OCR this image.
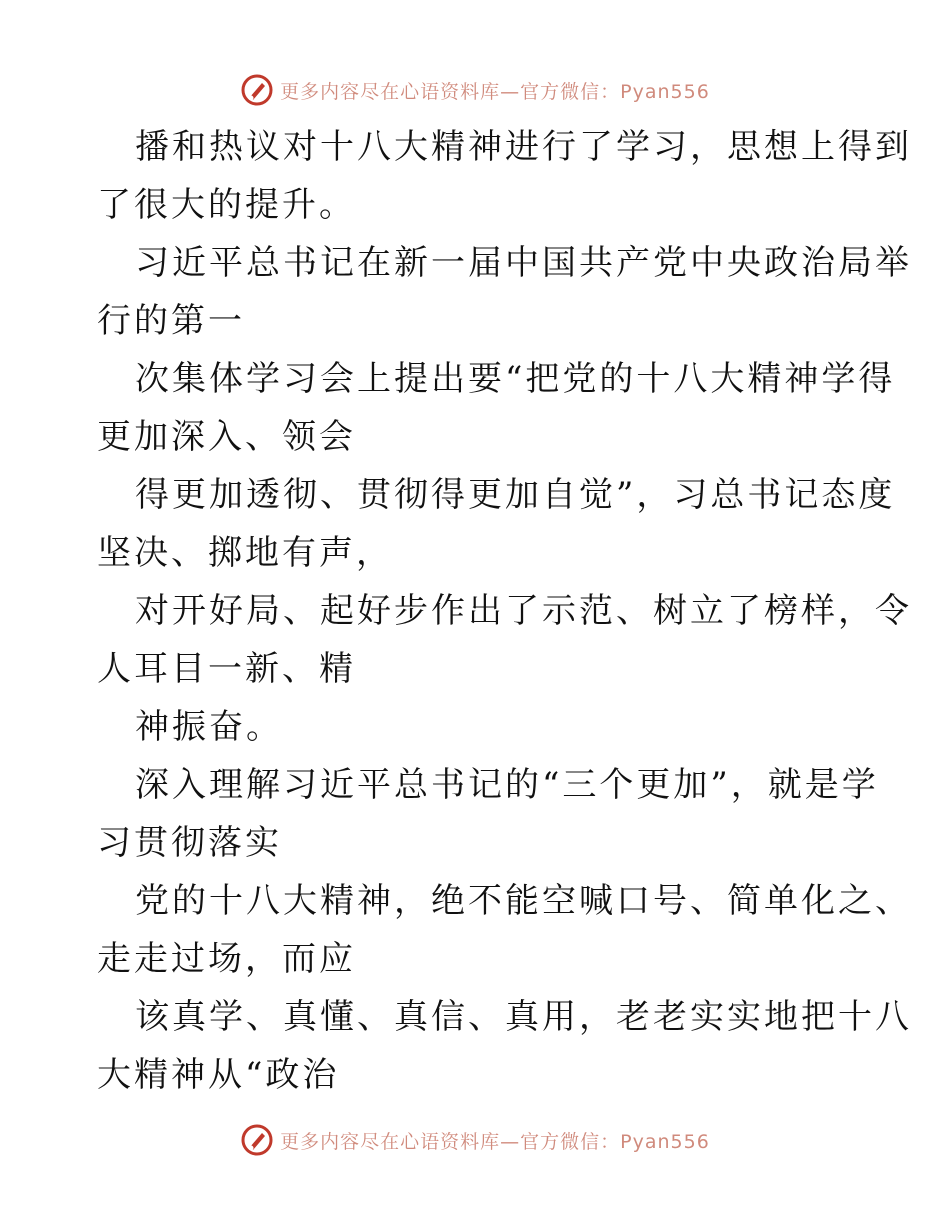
更多内容尽在心语资料库—官方微信：Pyan556
播和热议对十八大精神进行了学习，思想上得到
了很大的提升。
习近平总书记在新一届中国共产党中央政治局举
行的第一
次集体学习会上提出要“把党的十八大精神学得
更加深入、领会
得更加透彻、贯彻得更加自觉”，习总书记态度
坚决、掷地有声，
对开好局、起好步作出了示范、树立了榜样，令
人耳目一新、精
神振奋。
深入理解习近平总书记的“三个更加”，就是学
习贯彻落实
党的十八大精神，绝不能空喊口号、简单化之、
走走过场，而应
该真学、真懂、真信、真用，老老实实地把十八
大精神从“政治
更多内容尽在心语资料库—官方微信：Pyan556
